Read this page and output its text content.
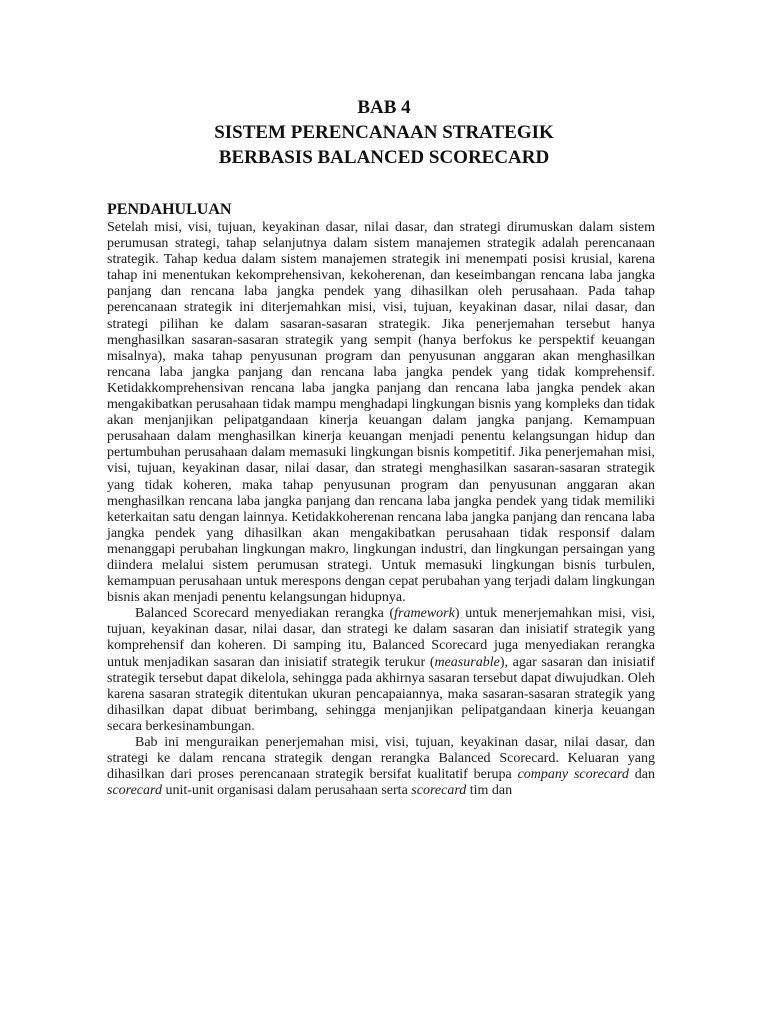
BAB 4
SISTEM PERENCANAAN STRATEGIK
BERBASIS BALANCED SCORECARD
PENDAHULUAN

Setelah misi, visi, tujuan, keyakinan dasar, nilai dasar, dan strategi dirumuskan dalam sistem perumusan strategi, tahap selanjutnya dalam sistem manajemen strategik adalah perencanaan strategik. Tahap kedua dalam sistem manajemen strategik ini menempati posisi krusial, karena tahap ini menentukan kekomprehensivan, kekoherenan, dan keseimbangan rencana laba jangka panjang dan rencana laba jangka pendek yang dihasilkan oleh perusahaan. Pada tahap perencanaan strategik ini diterjemahkan misi, visi, tujuan, keyakinan dasar, nilai dasar, dan strategi pilihan ke dalam sasaran-sasaran strategik. Jika penerjemahan tersebut hanya menghasilkan sasaran-sasaran strategik yang sempit (hanya berfokus ke perspektif keuangan misalnya), maka tahap penyusunan program dan penyusunan anggaran akan menghasilkan rencana laba jangka panjang dan rencana laba jangka pendek yang tidak komprehensif. Ketidakkomprehensivan rencana laba jangka panjang dan rencana laba jangka pendek akan mengakibatkan perusahaan tidak mampu menghadapi lingkungan bisnis yang kompleks dan tidak akan menjanjikan pelipatgandaan kinerja keuangan dalam jangka panjang. Kemampuan perusahaan dalam menghasilkan kinerja keuangan menjadi penentu kelangsungan hidup dan pertumbuhan perusahaan dalam memasuki lingkungan bisnis kompetitif. Jika penerjemahan misi, visi, tujuan, keyakinan dasar, nilai dasar, dan strategi menghasilkan sasaran-sasaran strategik yang tidak koheren, maka tahap penyusunan program dan penyusunan anggaran akan menghasilkan rencana laba jangka panjang dan rencana laba jangka pendek yang tidak memiliki keterkaitan satu dengan lainnya. Ketidakkoherenan rencana laba jangka panjang dan rencana laba jangka pendek yang dihasilkan akan mengakibatkan perusahaan tidak responsif dalam menanggapi perubahan lingkungan makro, lingkungan industri, dan lingkungan persaingan yang diindera melalui sistem perumusan strategi. Untuk memasuki lingkungan bisnis turbulen, kemampuan perusahaan untuk merespons dengan cepat perubahan yang terjadi dalam lingkungan bisnis akan menjadi penentu kelangsungan hidupnya.

Balanced Scorecard menyediakan rerangka (framework) untuk menerjemahkan misi, visi, tujuan, keyakinan dasar, nilai dasar, dan strategi ke dalam sasaran dan inisiatif strategik yang komprehensif dan koheren. Di samping itu, Balanced Scorecard juga menyediakan rerangka untuk menjadikan sasaran dan inisiatif strategik terukur (measurable), agar sasaran dan inisiatif strategik tersebut dapat dikelola, sehingga pada akhirnya sasaran tersebut dapat diwujudkan. Oleh karena sasaran strategik ditentukan ukuran pencapaiannya, maka sasaran-sasaran strategik yang dihasilkan dapat dibuat berimbang, sehingga menjanjikan pelipatgandaan kinerja keuangan secara berkesinambungan.

Bab ini menguraikan penerjemahan misi, visi, tujuan, keyakinan dasar, nilai dasar, dan strategi ke dalam rencana strategik dengan rerangka Balanced Scorecard. Keluaran yang dihasilkan dari proses perencanaan strategik bersifat kualitatif berupa company scorecard dan scorecard unit-unit organisasi dalam perusahaan serta scorecard tim dan
